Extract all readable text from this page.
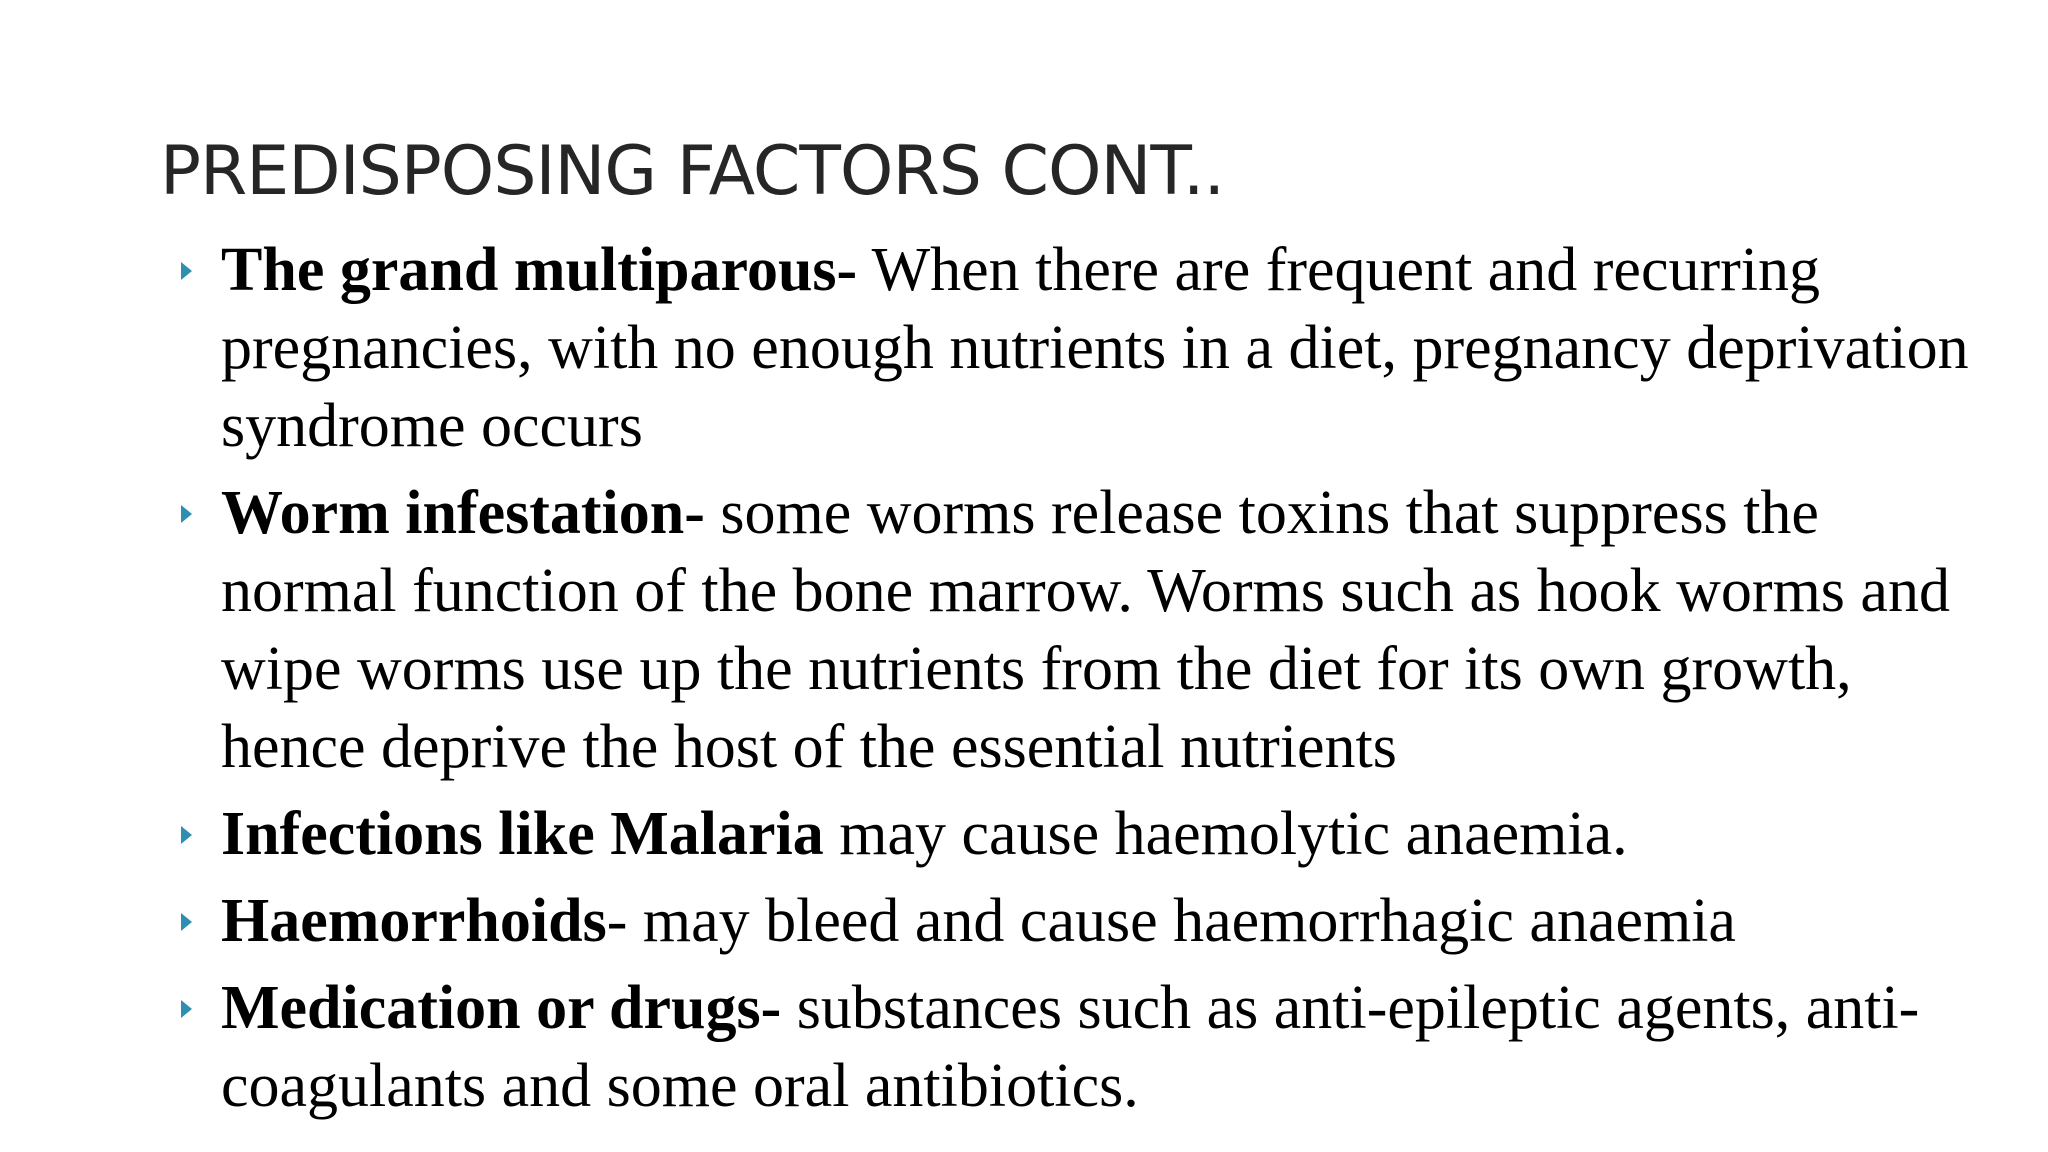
PREDISPOSING FACTORS CONT..
The grand multiparous- When there are frequent and recurring pregnancies, with no enough nutrients in a diet, pregnancy deprivation syndrome occurs
Worm infestation- some worms release toxins that suppress the normal function of the bone marrow. Worms such as hook worms and wipe worms use up the nutrients from the diet for its own growth, hence deprive the host of the essential nutrients
Infections like Malaria may cause haemolytic anaemia.
Haemorrhoids- may bleed and cause haemorrhagic anaemia
Medication or drugs- substances such as anti-epileptic agents, anti-coagulants and some oral antibiotics.
